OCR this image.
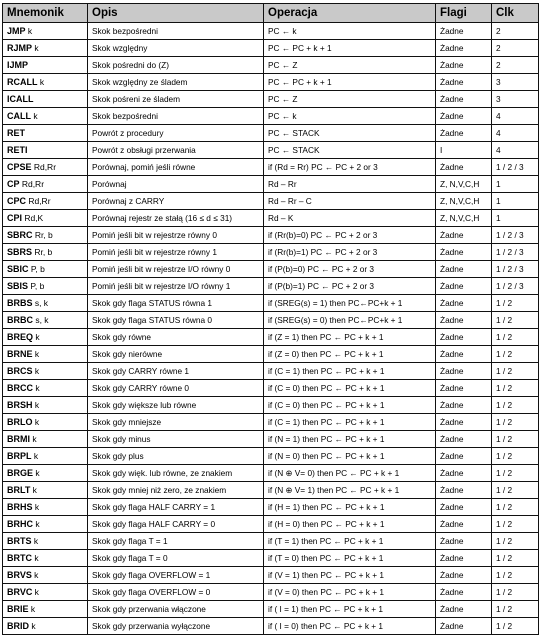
Mnemonik	Opis	Operacja	Flagi	Clk
JMP k	Skok bezpośredni	PC ← k	Żadne	2
RJMP k	Skok względny	PC ← PC + k + 1	Żadne	2
IJMP	Skok pośredni do (Z)	PC ← Z	Żadne	2
RCALL k	Skok względny ze śladem	PC ← PC + k + 1	Żadne	3
ICALL	Skok pośreni ze śladem	PC ← Z	Żadne	3
CALL k	Skok bezpośredni	PC ← k	Żadne	4
RET	Powrót z procedury	PC ← STACK	Żadne	4
RETI	Powrót z obsługi przerwania	PC ← STACK	I	4
CPSE Rd,Rr	Porównaj, pomiń jeśli równe	if (Rd = Rr) PC ← PC + 2 or 3	Żadne	1 / 2 / 3
CP Rd,Rr	Porównaj	Rd – Rr	Z, N,V,C,H	1
CPC Rd,Rr	Porównaj z CARRY	Rd – Rr – C	Z, N,V,C,H	1
CPI Rd,K	Porównaj rejestr ze stałą (16 ≤ d ≤ 31)	Rd – K	Z, N,V,C,H	1
SBRC Rr, b	Pomiń jeśli bit w rejestrze równy 0	if (Rr(b)=0) PC ← PC + 2 or 3	Żadne	1 / 2 / 3
SBRS Rr, b	Pomiń jeśli bit w rejestrze równy 1	if (Rr(b)=1) PC ← PC + 2 or 3	Żadne	1 / 2 / 3
SBIC P, b	Pomiń jeśli bit w rejestrze I/O równy 0	if (P(b)=0) PC ← PC + 2 or 3	Żadne	1 / 2 / 3
SBIS P, b	Pomiń jeśli bit w rejestrze I/O równy 1	if (P(b)=1) PC ← PC + 2 or 3	Żadne	1 / 2 / 3
BRBS s, k	Skok gdy flaga STATUS równa 1	if (SREG(s) = 1) then PC←PC+k + 1	Żadne	1 / 2
BRBC s, k	Skok gdy flaga STATUS równa 0	if (SREG(s) = 0) then PC←PC+k + 1	Żadne	1 / 2
BREQ k	Skok gdy równe	if (Z = 1) then PC ← PC + k + 1	Żadne	1 / 2
BRNE k	Skok gdy nierówne	if (Z = 0) then PC ← PC + k + 1	Żadne	1 / 2
BRCS k	Skok gdy CARRY równe 1	if (C = 1) then PC ← PC + k + 1	Żadne	1 / 2
BRCC k	Skok gdy CARRY równe 0	if (C = 0) then PC ← PC + k + 1	Żadne	1 / 2
BRSH k	Skok gdy większe lub równe	if (C = 0) then PC ← PC + k + 1	Żadne	1 / 2
BRLO k	Skok gdy mniejsze	if (C = 1) then PC ← PC + k + 1	Żadne	1 / 2
BRMI k	Skok gdy minus	if (N = 1) then PC ← PC + k + 1	Żadne	1 / 2
BRPL k	Skok gdy plus	if (N = 0) then PC ← PC + k + 1	Żadne	1 / 2
BRGE k	Skok gdy więk. lub równe, ze znakiem	if (N ⊕ V= 0) then PC ← PC + k + 1	Żadne	1 / 2
BRLT k	Skok gdy mniej niż zero, ze znakiem	if (N ⊕ V= 1) then PC ← PC + k + 1	Żadne	1 / 2
BRHS k	Skok gdy flaga HALF CARRY = 1	if (H = 1) then PC ← PC + k + 1	Żadne	1 / 2
BRHC k	Skok gdy flaga HALF CARRY = 0	if (H = 0) then PC ← PC + k + 1	Żadne	1 / 2
BRTS k	Skok gdy flaga T = 1	if (T = 1) then PC ← PC + k + 1	Żadne	1 / 2
BRTC k	Skok gdy flaga T = 0	if (T = 0) then PC ← PC + k + 1	Żadne	1 / 2
BRVS k	Skok gdy flaga OVERFLOW = 1	if (V = 1) then PC ← PC + k + 1	Żadne	1 / 2
BRVC k	Skok gdy flaga OVERFLOW = 0	if (V = 0) then PC ← PC + k + 1	Żadne	1 / 2
BRIE k	Skok gdy przerwania włączone	if ( I = 1) then PC ← PC + k + 1	Żadne	1 / 2
BRID k	Skok gdy przerwania wyłączone	if ( I = 0) then PC ← PC + k + 1	Żadne	1 / 2
